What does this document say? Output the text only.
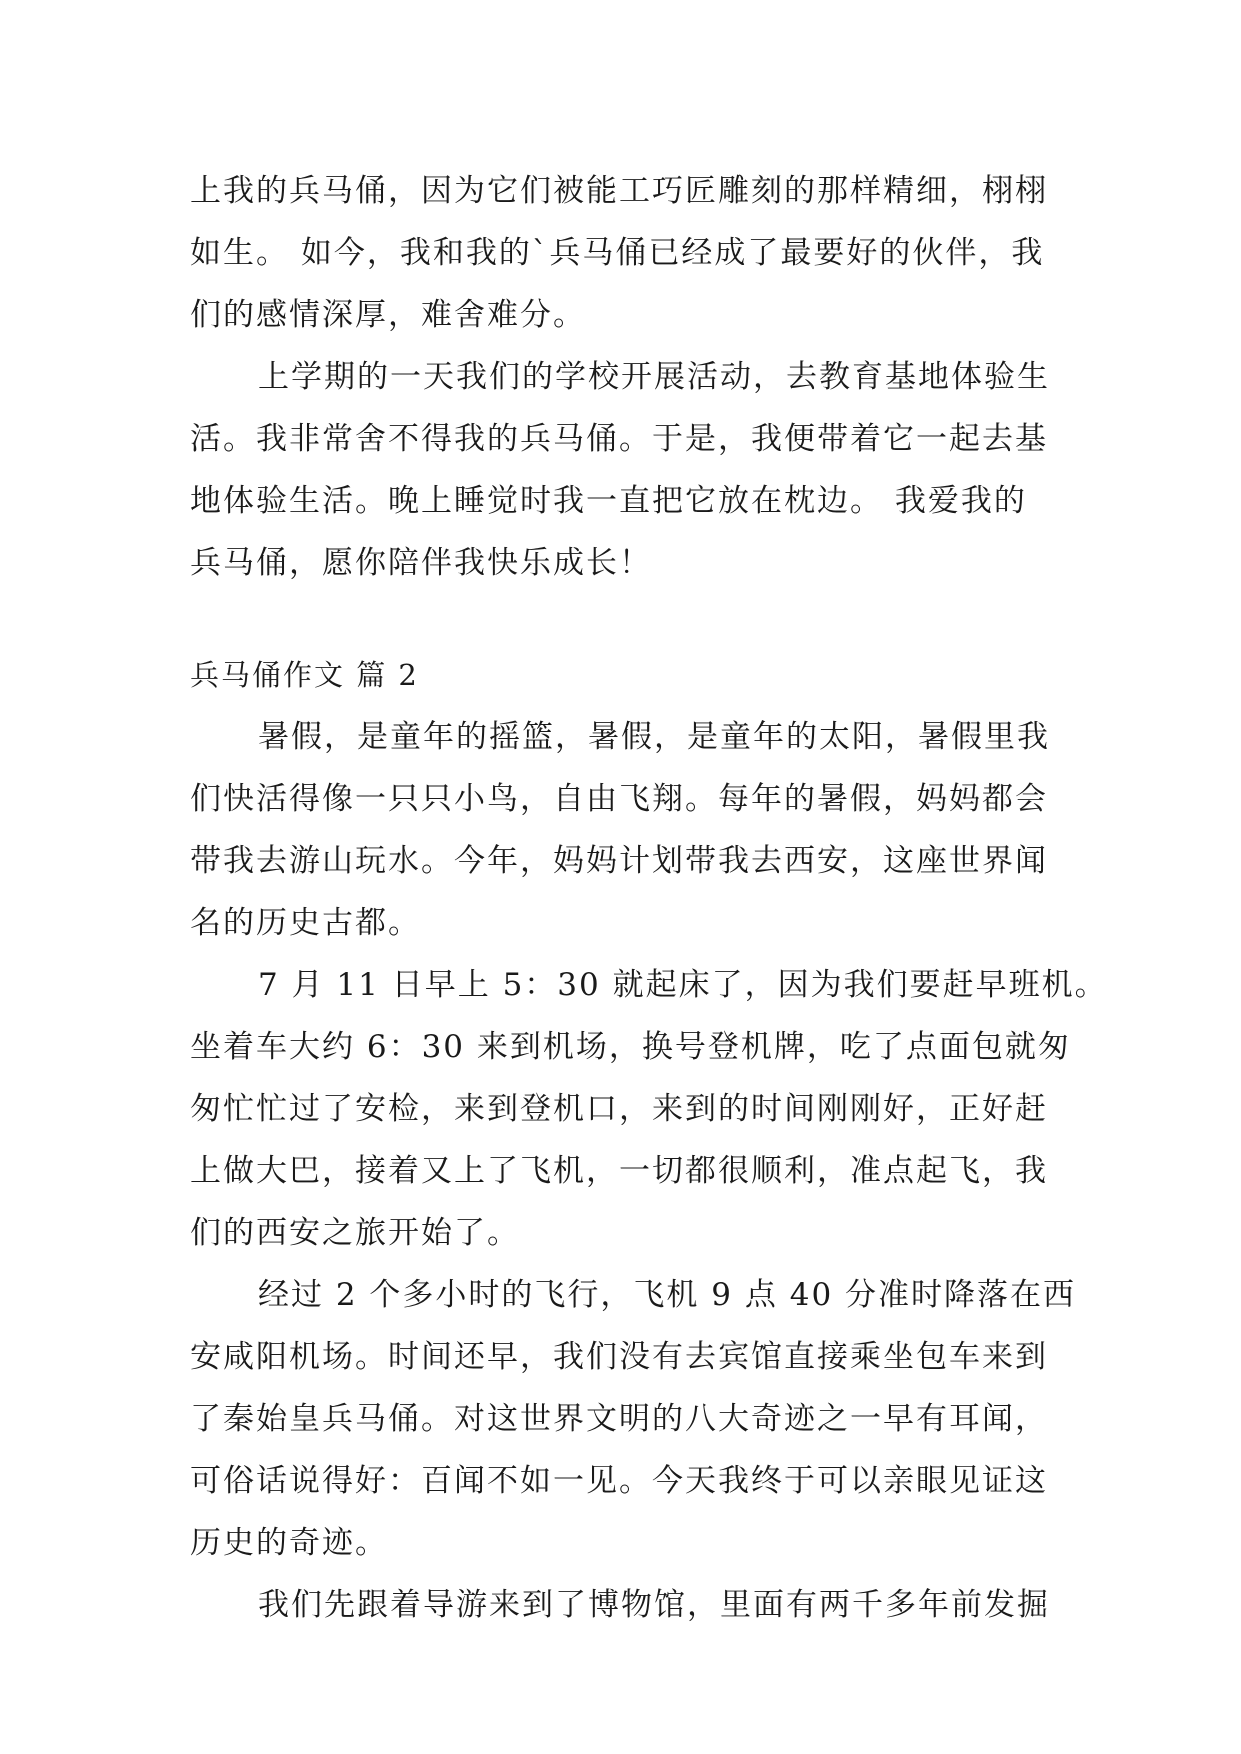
上我的兵马俑，因为它们被能工巧匠雕刻的那样精细，栩栩
如生。 如今，我和我的`兵马俑已经成了最要好的伙伴，我
们的感情深厚，难舍难分。

上学期的一天我们的学校开展活动，去教育基地体验生
活。我非常舍不得我的兵马俑。于是，我便带着它一起去基
地体验生活。晚上睡觉时我一直把它放在枕边。 我爱我的
兵马俑，愿你陪伴我快乐成长！

兵马俑作文 篇 2

暑假，是童年的摇篮，暑假，是童年的太阳，暑假里我
们快活得像一只只小鸟，自由飞翔。每年的暑假，妈妈都会
带我去游山玩水。今年，妈妈计划带我去西安，这座世界闻
名的历史古都。

7 月 11 日早上 5：30 就起床了，因为我们要赶早班机。
坐着车大约 6：30 来到机场，换号登机牌，吃了点面包就匆
匆忙忙过了安检，来到登机口，来到的时间刚刚好，正好赶
上做大巴，接着又上了飞机，一切都很顺利，准点起飞，我
们的西安之旅开始了。

经过 2 个多小时的飞行，飞机 9 点 40 分准时降落在西
安咸阳机场。时间还早，我们没有去宾馆直接乘坐包车来到
了秦始皇兵马俑。对这世界文明的八大奇迹之一早有耳闻，
可俗话说得好：百闻不如一见。今天我终于可以亲眼见证这
历史的奇迹。

我们先跟着导游来到了博物馆，里面有两千多年前发掘
